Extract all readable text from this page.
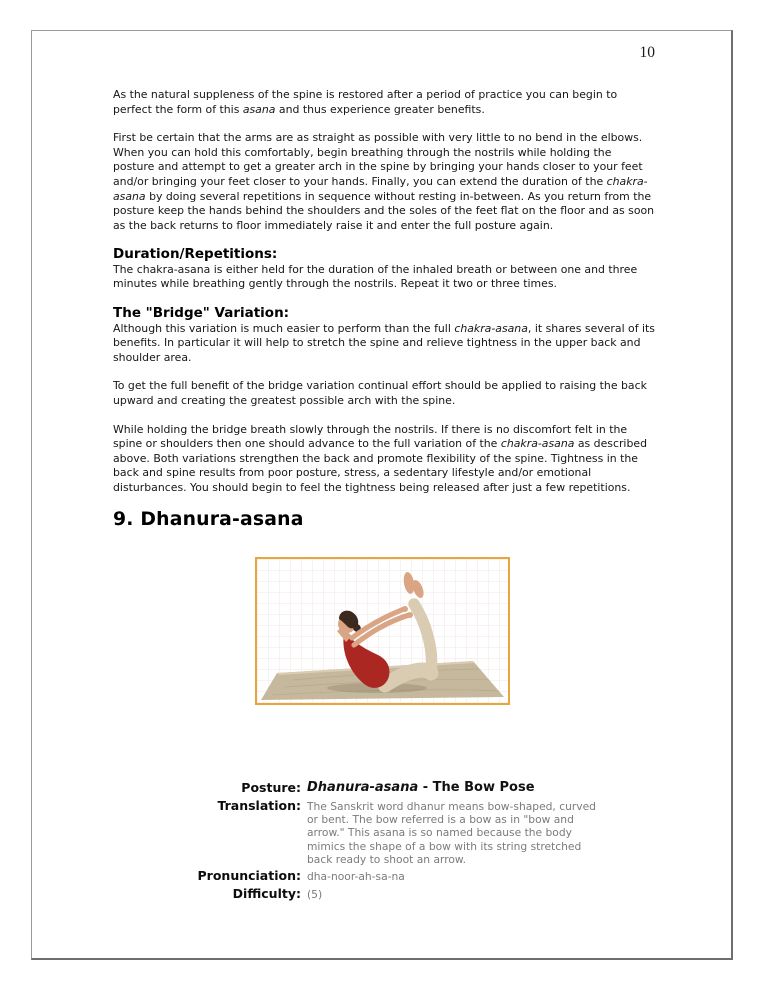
10

As the natural suppleness of the spine is restored after a period of practice you can begin to perfect the form of this asana and thus experience greater benefits.

First be certain that the arms are as straight as possible with very little to no bend in the elbows. When you can hold this comfortably, begin breathing through the nostrils while holding the posture and attempt to get a greater arch in the spine by bringing your hands closer to your feet and/or bringing your feet closer to your hands. Finally, you can extend the duration of the chakra-asana by doing several repetitions in sequence without resting in-between. As you return from the posture keep the hands behind the shoulders and the soles of the feet flat on the floor and as soon as the back returns to floor immediately raise it and enter the full posture again.

Duration/Repetitions:

The chakra-asana is either held for the duration of the inhaled breath or between one and three minutes while breathing gently through the nostrils. Repeat it two or three times.

The "Bridge" Variation:

Although this variation is much easier to perform than the full chakra-asana, it shares several of its benefits. In particular it will help to stretch the spine and relieve tightness in the upper back and shoulder area.

To get the full benefit of the bridge variation continual effort should be applied to raising the back upward and creating the greatest possible arch with the spine.

While holding the bridge breath slowly through the nostrils. If there is no discomfort felt in the spine or shoulders then one should advance to the full variation of the chakra-asana as described above. Both variations strengthen the back and promote flexibility of the spine. Tightness in the back and spine results from poor posture, stress, a sedentary lifestyle and/or emotional disturbances. You should begin to feel the tightness being released after just a few repetitions.

9. Dhanura-asana
Posture: Dhanura-asana - The Bow Pose
Translation: The Sanskrit word dhanur means bow-shaped, curved or bent. The bow referred is a bow as in "bow and arrow." This asana is so named because the body mimics the shape of a bow with its string stretched back ready to shoot an arrow.
Pronunciation: dha-noor-ah-sa-na
Difficulty: (5)
